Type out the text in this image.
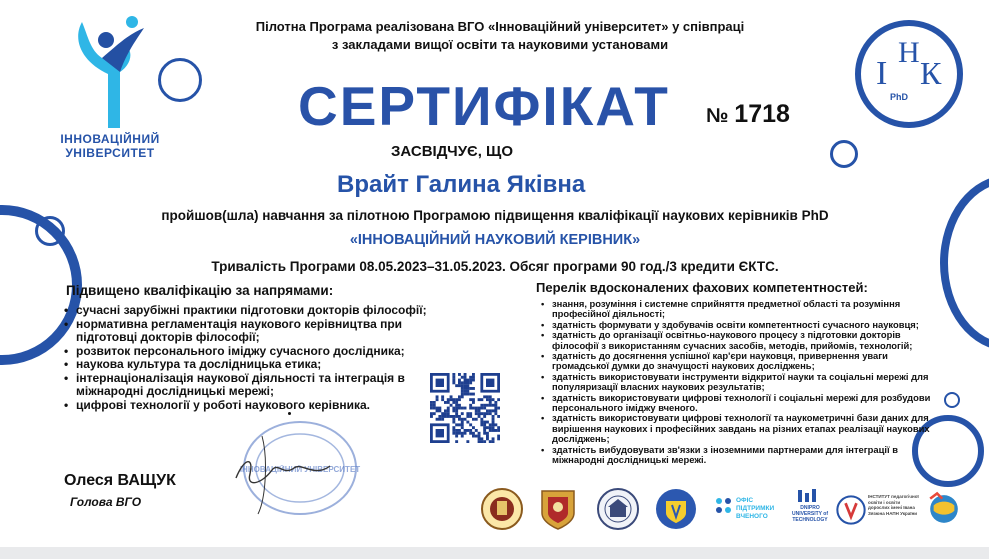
ІННОВАЦІЙНИЙ
УНІВЕРСИТЕТ
Пілотна Програма реалізована ВГО «Інноваційний університет» у співпраці
з закладами вищої освіти та науковими установами
І
Н
К
PhD
СЕРТИФІКАТ № 1718
ЗАСВІДЧУЄ, ЩО
Врайт Галина Яківна
пройшов(шла) навчання за пілотною Програмою підвищення кваліфікації наукових керівників PhD
«ІННОВАЦІЙНИЙ НАУКОВИЙ КЕРІВНИК»
Тривалість Програми 08.05.2023–31.05.2023. Обсяг програми 90 год./3 кредити ЄКТС.
Підвищено кваліфікацію за напрямами:
• сучасні зарубіжні практики підготовки докторів філософії;
• нормативна регламентація наукового керівництва при підготовці докторів філософії;
• розвиток персонального іміджу сучасного дослідника;
• наукова культура та дослідницька етика;
• інтернаціоналізація наукової діяльності та інтеграція в міжнародні дослідницькі мережі;
• цифрові технології у роботі наукового керівника.
Перелік вдосконалених фахових компетентностей:
• знання, розуміння і системне сприйняття предметної області та розуміння професійної діяльності;
• здатність формувати у здобувачів освіти компетентності сучасного науковця;
• здатність до організації освітньо-наукового процесу з підготовки докторів філософії з використанням сучасних засобів, методів, прийомів, технологій;
• здатність до досягнення успішної кар'єри науковця, привернення уваги громадської думки до значущості наукових досліджень;
• здатність використовувати інструменти відкритої науки та соціальні мережі для популяризації власних наукових результатів;
• здатність використовувати цифрові технології і соціальні мережі для розбудови персонального іміджу вченого.
• здатність використовувати цифрові технології та наукометричні бази даних для вирішення наукових і професійних завдань на різних етапах реалізації наукових досліджень;
• здатність вибудовувати зв'язки з іноземними партнерами для інтеграції в міжнародні дослідницькі мережі.
ІННОВАЦІЙНИЙ УНІВЕРСИТЕТ
Олеся ВАЩУК
Голова ВГО	ОФІС ПІДТРИМКИ ВЧЕНОГО
DNIPRO UNIVERSITY of TECHNOLOGY
ІНСТИТУТ педагогічної освіти і освіти дорослих імені Івана Зязюна НАПН України
